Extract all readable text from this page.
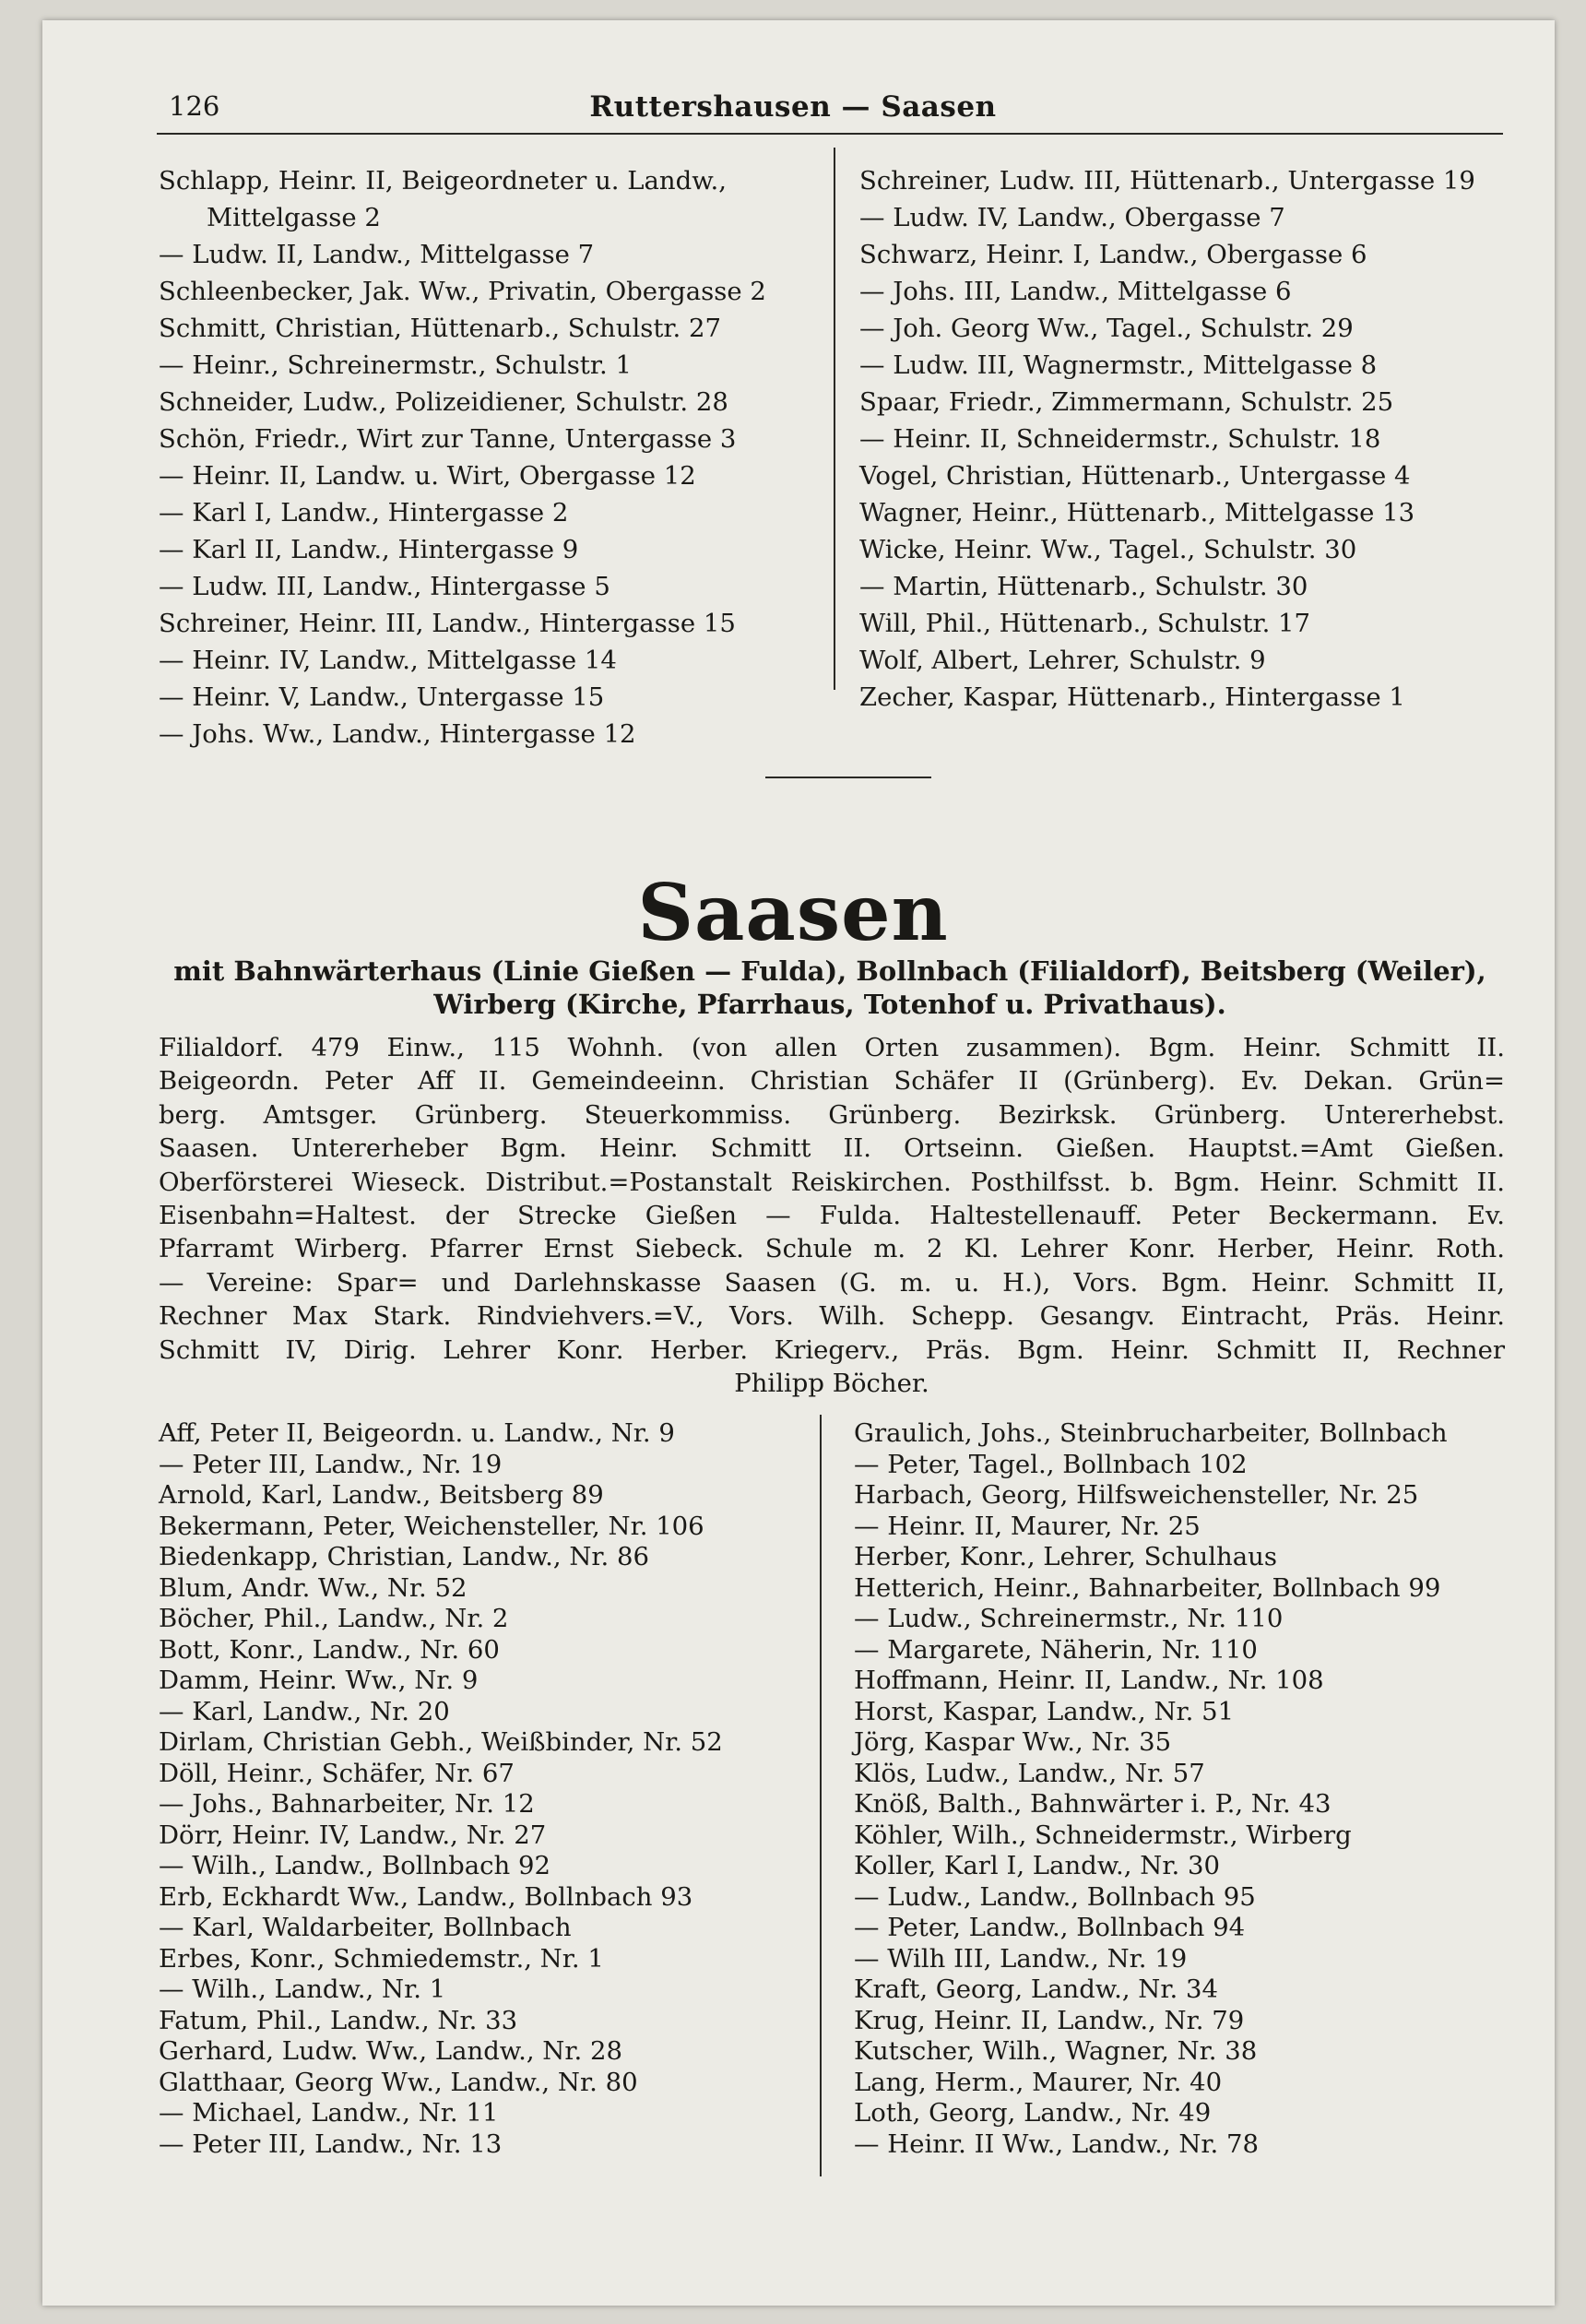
126	Ruttershausen — Saasen
Schlapp, Heinr. II, Beigeordneter u. Landw.,
Mittelgasse 2
— Ludw. II, Landw., Mittelgasse 7
Schleenbecker, Jak. Ww., Privatin, Obergasse 2
Schmitt, Christian, Hüttenarb., Schulstr. 27
— Heinr., Schreinermstr., Schulstr. 1
Schneider, Ludw., Polizeidiener, Schulstr. 28
Schön, Friedr., Wirt zur Tanne, Untergasse 3
— Heinr. II, Landw. u. Wirt, Obergasse 12
— Karl I, Landw., Hintergasse 2
— Karl II, Landw., Hintergasse 9
— Ludw. III, Landw., Hintergasse 5
Schreiner, Heinr. III, Landw., Hintergasse 15
— Heinr. IV, Landw., Mittelgasse 14
— Heinr. V, Landw., Untergasse 15
— Johs. Ww., Landw., Hintergasse 12
Schreiner, Ludw. III, Hüttenarb., Untergasse 19
— Ludw. IV, Landw., Obergasse 7
Schwarz, Heinr. I, Landw., Obergasse 6
— Johs. III, Landw., Mittelgasse 6
— Joh. Georg Ww., Tagel., Schulstr. 29
— Ludw. III, Wagnermstr., Mittelgasse 8
Spaar, Friedr., Zimmermann, Schulstr. 25
— Heinr. II, Schneidermstr., Schulstr. 18
Vogel, Christian, Hüttenarb., Untergasse 4
Wagner, Heinr., Hüttenarb., Mittelgasse 13
Wicke, Heinr. Ww., Tagel., Schulstr. 30
— Martin, Hüttenarb., Schulstr. 30
Will, Phil., Hüttenarb., Schulstr. 17
Wolf, Albert, Lehrer, Schulstr. 9
Zecher, Kaspar, Hüttenarb., Hintergasse 1
Saasen
mit Bahnwärterhaus (Linie Gießen — Fulda), Bollnbach (Filialdorf), Beitsberg (Weiler),
Wirberg (Kirche, Pfarrhaus, Totenhof u. Privathaus).
Filialdorf. 479 Einw., 115 Wohnh. (von allen Orten zusammen). Bgm. Heinr. Schmitt II.
Beigeordn. Peter Aff II. Gemeindeeinn. Christian Schäfer II (Grünberg). Ev. Dekan. Grün=
berg. Amtsger. Grünberg. Steuerkommiss. Grünberg. Bezirksk. Grünberg. Untererhebst.
Saasen. Untererheber Bgm. Heinr. Schmitt II. Ortseinn. Gießen. Hauptst.=Amt Gießen.
Oberförsterei Wieseck. Distribut.=Postanstalt Reiskirchen. Posthilfsst. b. Bgm. Heinr. Schmitt II.
Eisenbahn=Haltest. der Strecke Gießen — Fulda. Haltestellenauff. Peter Beckermann. Ev.
Pfarramt Wirberg. Pfarrer Ernst Siebeck. Schule m. 2 Kl. Lehrer Konr. Herber, Heinr. Roth.
— Vereine: Spar= und Darlehnskasse Saasen (G. m. u. H.), Vors. Bgm. Heinr. Schmitt II,
Rechner Max Stark. Rindviehvers.=V., Vors. Wilh. Schepp. Gesangv. Eintracht, Präs. Heinr.
Schmitt IV, Dirig. Lehrer Konr. Herber. Kriegerv., Präs. Bgm. Heinr. Schmitt II, Rechner
Philipp Böcher.
Aff, Peter II, Beigeordn. u. Landw., Nr. 9
— Peter III, Landw., Nr. 19
Arnold, Karl, Landw., Beitsberg 89
Bekermann, Peter, Weichensteller, Nr. 106
Biedenkapp, Christian, Landw., Nr. 86
Blum, Andr. Ww., Nr. 52
Böcher, Phil., Landw., Nr. 2
Bott, Konr., Landw., Nr. 60
Damm, Heinr. Ww., Nr. 9
— Karl, Landw., Nr. 20
Dirlam, Christian Gebh., Weißbinder, Nr. 52
Döll, Heinr., Schäfer, Nr. 67
— Johs., Bahnarbeiter, Nr. 12
Dörr, Heinr. IV, Landw., Nr. 27
— Wilh., Landw., Bollnbach 92
Erb, Eckhardt Ww., Landw., Bollnbach 93
— Karl, Waldarbeiter, Bollnbach
Erbes, Konr., Schmiedemstr., Nr. 1
— Wilh., Landw., Nr. 1
Fatum, Phil., Landw., Nr. 33
Gerhard, Ludw. Ww., Landw., Nr. 28
Glatthaar, Georg Ww., Landw., Nr. 80
— Michael, Landw., Nr. 11
— Peter III, Landw., Nr. 13
Graulich, Johs., Steinbrucharbeiter, Bollnbach
— Peter, Tagel., Bollnbach 102
Harbach, Georg, Hilfsweichensteller, Nr. 25
— Heinr. II, Maurer, Nr. 25
Herber, Konr., Lehrer, Schulhaus
Hetterich, Heinr., Bahnarbeiter, Bollnbach 99
— Ludw., Schreinermstr., Nr. 110
— Margarete, Näherin, Nr. 110
Hoffmann, Heinr. II, Landw., Nr. 108
Horst, Kaspar, Landw., Nr. 51
Jörg, Kaspar Ww., Nr. 35
Klös, Ludw., Landw., Nr. 57
Knöß, Balth., Bahnwärter i. P., Nr. 43
Köhler, Wilh., Schneidermstr., Wirberg
Koller, Karl I, Landw., Nr. 30
— Ludw., Landw., Bollnbach 95
— Peter, Landw., Bollnbach 94
— Wilh III, Landw., Nr. 19
Kraft, Georg, Landw., Nr. 34
Krug, Heinr. II, Landw., Nr. 79
Kutscher, Wilh., Wagner, Nr. 38
Lang, Herm., Maurer, Nr. 40
Loth, Georg, Landw., Nr. 49
— Heinr. II Ww., Landw., Nr. 78
